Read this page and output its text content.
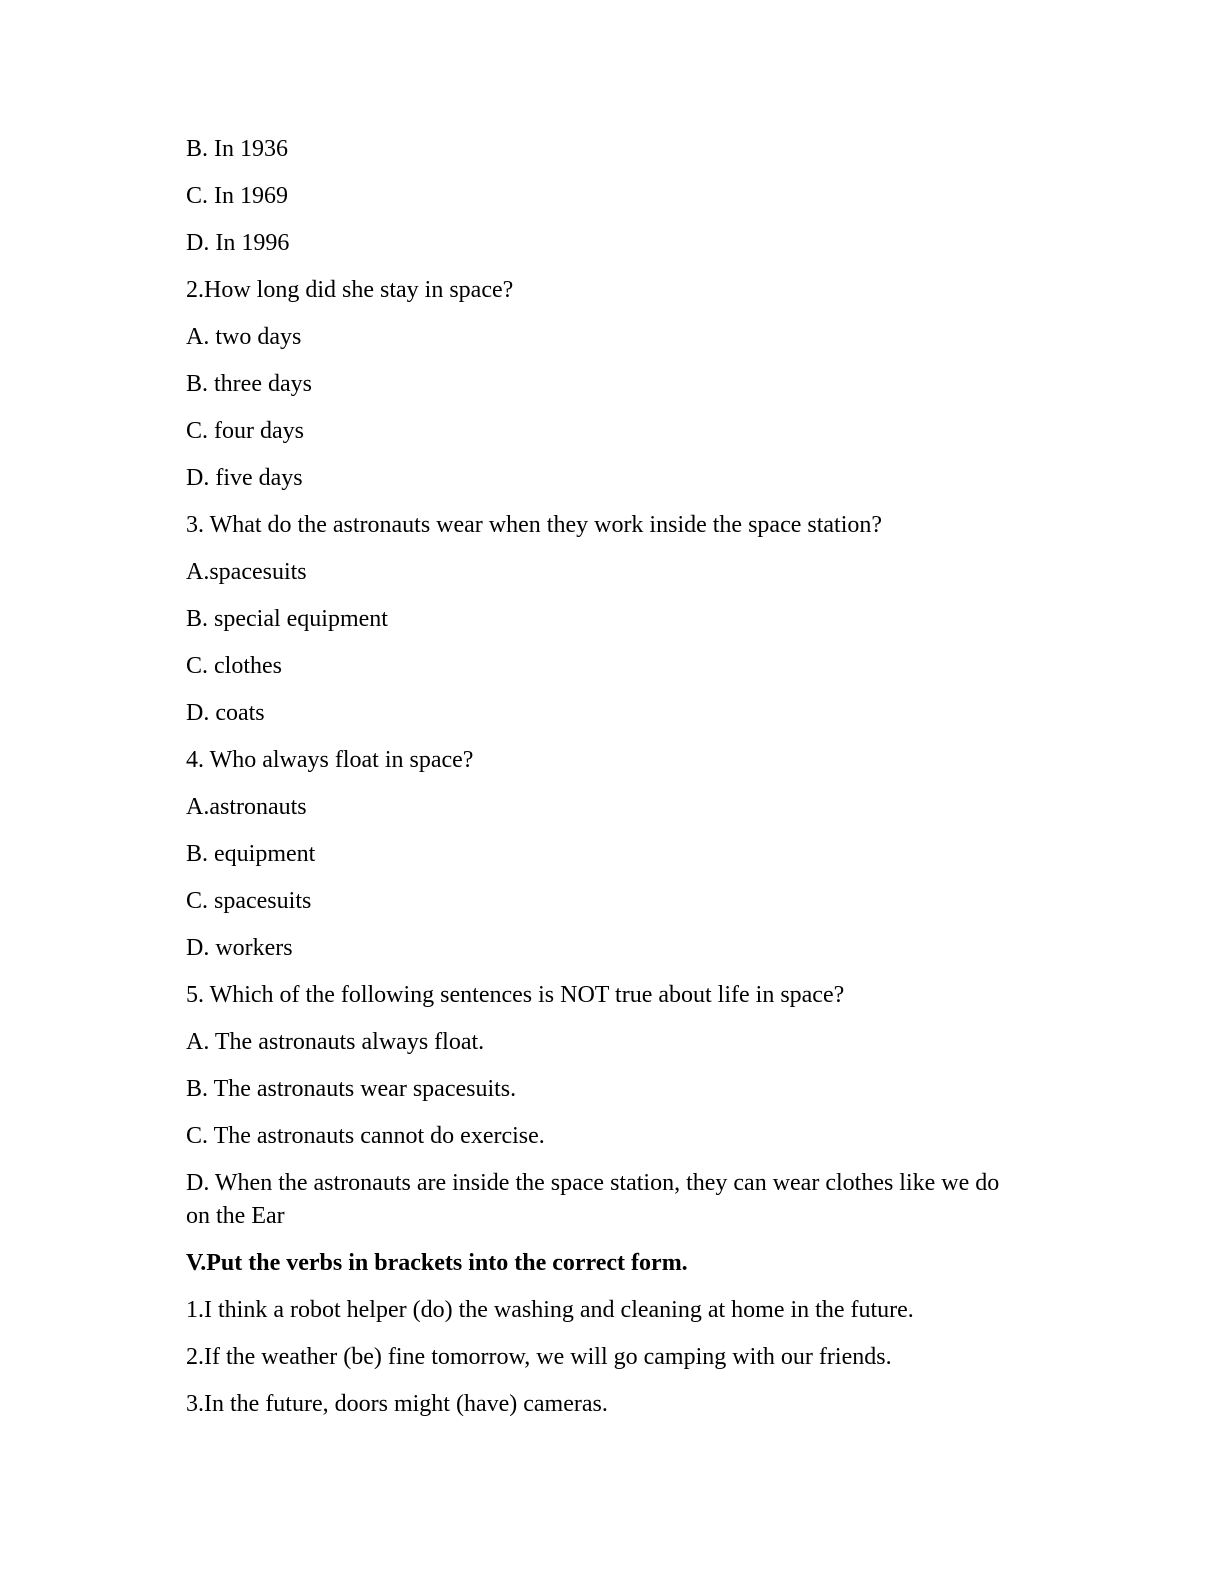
B. In 1936

C. In 1969

D. In 1996

2.How long did she stay in space?

A. two days

B. three days

C. four days

D. five days

3. What do the astronauts wear when they work inside the space station?

A.spacesuits

B. special equipment

C. clothes

D. coats

4. Who always float in space?

A.astronauts

B. equipment

C. spacesuits

D. workers

5. Which of the following sentences is NOT true about life in space?

A. The astronauts always float.

B. The astronauts wear spacesuits.

C. The astronauts cannot do exercise.

D. When the astronauts are inside the space station, they can wear clothes like we do on the Ear

V.Put the verbs in brackets into the correct form.

1.I think a robot helper (do) the washing and cleaning at home in the future.

2.If the weather (be) fine tomorrow, we will go camping with our friends.

3.In the future, doors might (have) cameras.
